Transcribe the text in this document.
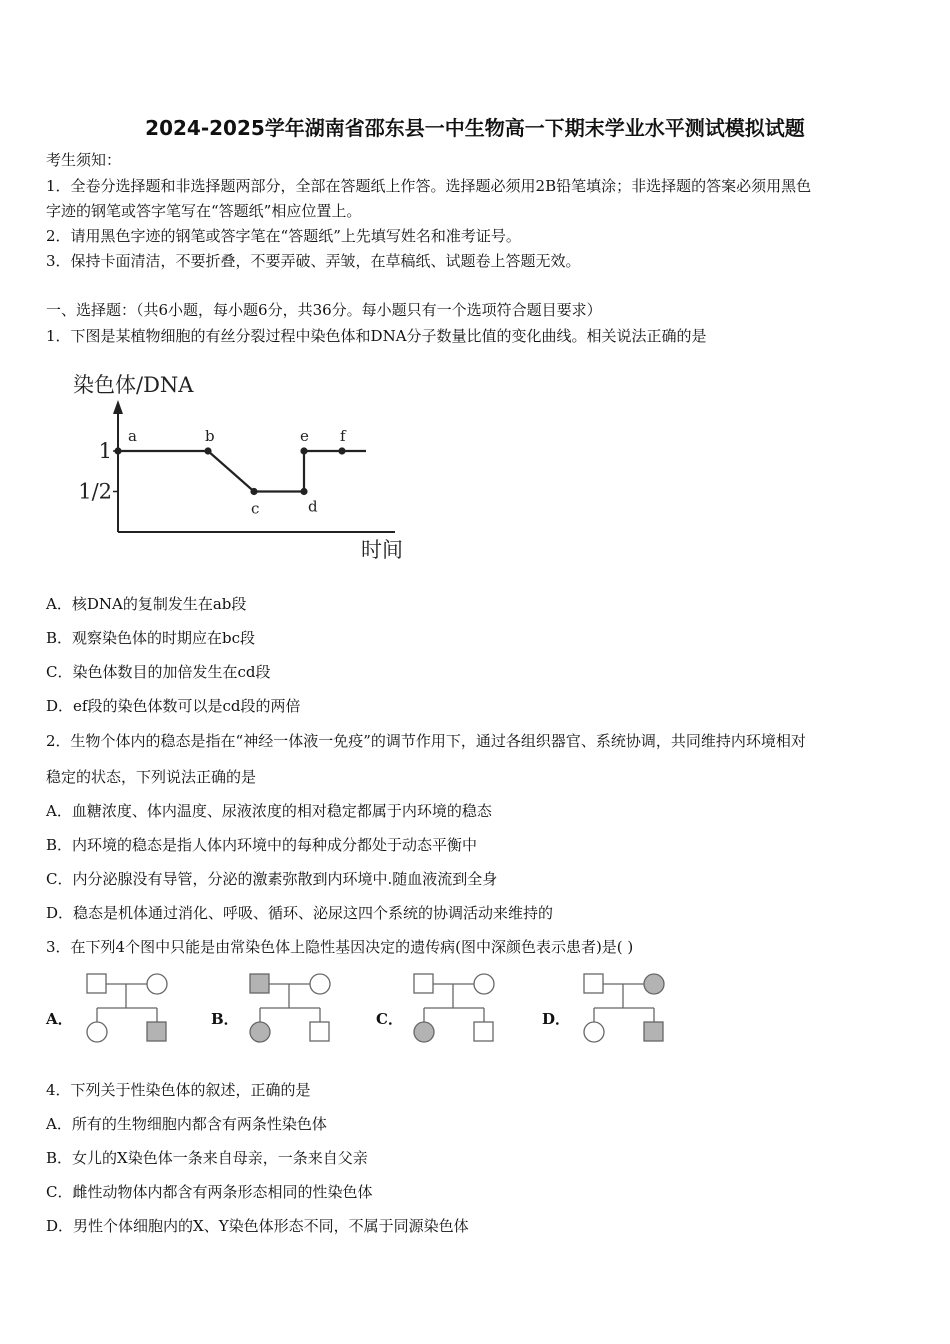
2024-2025学年湖南省邵东县一中生物高一下期末学业水平测试模拟试题
考生须知：
1．全卷分选择题和非选择题两部分，全部在答题纸上作答。选择题必须用2B铅笔填涂；非选择题的答案必须用黑色
字迹的钢笔或答字笔写在“答题纸”相应位置上。
2．请用黑色字迹的钢笔或答字笔在“答题纸”上先填写姓名和准考证号。
3．保持卡面清洁，不要折叠，不要弄破、弄皱，在草稿纸、试题卷上答题无效。
一、选择题：（共6小题，每小题6分，共36分。每小题只有一个选项符合题目要求）
1．下图是某植物细胞的有丝分裂过程中染色体和DNA分子数量比值的变化曲线。相关说法正确的是
染色体/DNA
时间
1
1/2
a	b
c	d
e f
A．核DNA的复制发生在ab段
B．观察染色体的时期应在bc段
C．染色体数目的加倍发生在cd段
D．ef段的染色体数可以是cd段的两倍
2．生物个体内的稳态是指在“神经一体液一免疫”的调节作用下，通过各组织器官、系统协调，共同维持内环境相对
稳定的状态，下列说法正确的是
A．血糖浓度、体内温度、尿液浓度的相对稳定都属于内环境的稳态
B．内环境的稳态是指人体内环境中的每种成分都处于动态平衡中
C．内分泌腺没有导管，分泌的激素弥散到内环境中.随血液流到全身
D．稳态是机体通过消化、呼吸、循环、泌尿这四个系统的协调活动来维持的
3．在下列4个图中只能是由常染色体上隐性基因决定的遗传病(图中深颜色表示患者)是( )
A．	B．	C．	D．
4．下列关于性染色体的叙述，正确的是
A．所有的生物细胞内都含有两条性染色体
B．女儿的X染色体一条来自母亲，一条来自父亲
C．雌性动物体内都含有两条形态相同的性染色体
D．男性个体细胞内的X、Y染色体形态不同，不属于同源染色体
